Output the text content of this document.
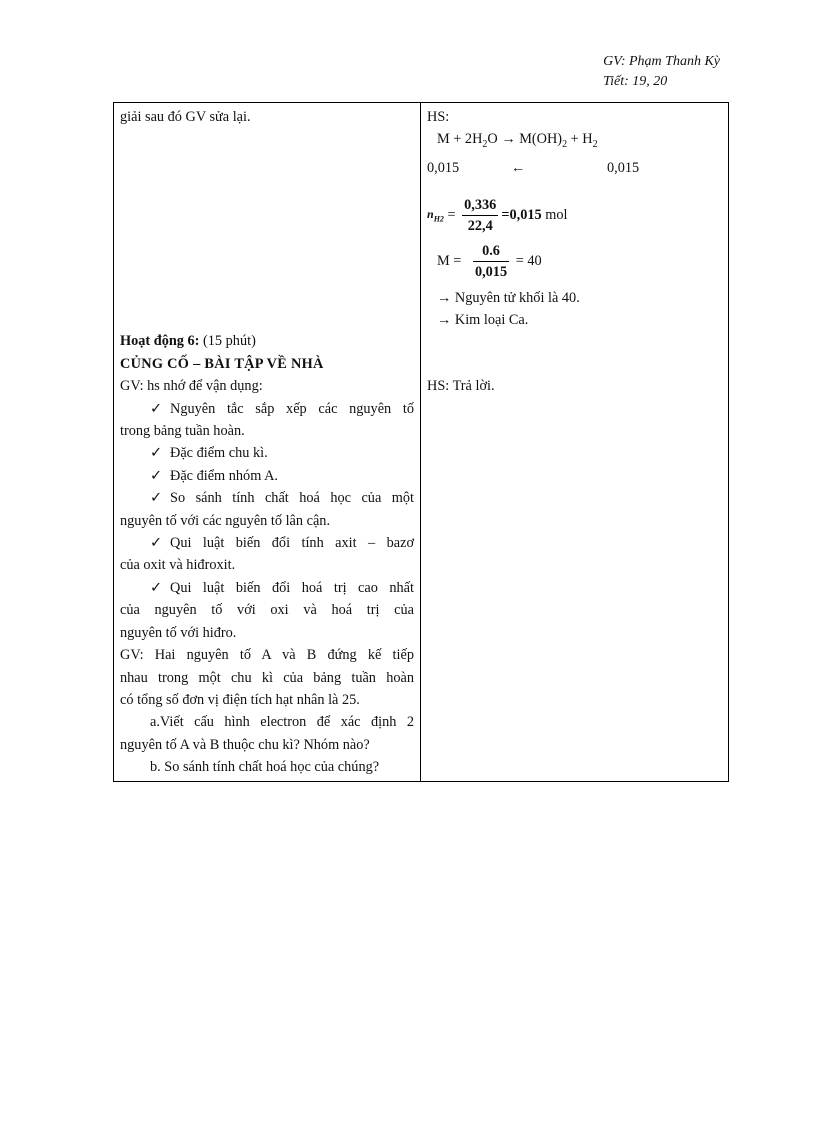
GV: Phạm Thanh Kỳ
Tiết: 19, 20
giải sau đó GV sửa lại.
Hoạt động 6: (15 phút)
CỦNG CỐ – BÀI TẬP VỀ NHÀ
GV: hs nhớ để vận dụng:
✓ Nguyên tắc sắp xếp các nguyên tố
trong bảng tuần hoàn.
✓ Đặc điểm chu kì.
✓ Đặc điểm nhóm A.
✓ So sánh tính chất hoá học của một
nguyên tố với các nguyên tố lân cận.
✓ Qui luật biến đổi tính axit – bazơ
của oxit và hiđroxit.
✓ Qui luật biến đổi hoá trị cao nhất
của nguyên tố với oxi và hoá trị của
nguyên tố với hiđro.
GV: Hai nguyên tố A và B đứng kế tiếp
nhau trong một chu kì của bảng tuần hoàn
có tổng số đơn vị điện tích hạt nhân là 25.
a.Viết cấu hình electron để xác định 2
nguyên tố A và B thuộc chu kì? Nhóm nào?
b. So sánh tính chất hoá học của chúng?

HS:
$M + 2H_2O \to M(OH)_2 + H_2$
0,015	←	0,015
$n_{H2} = \frac{0,336}{22,4} =0,015$ mol
$M = \frac{0.6}{0,015} = 40$
→ Nguyên tử khối là 40.
→ Kim loại Ca.
HS: Trả lời.
